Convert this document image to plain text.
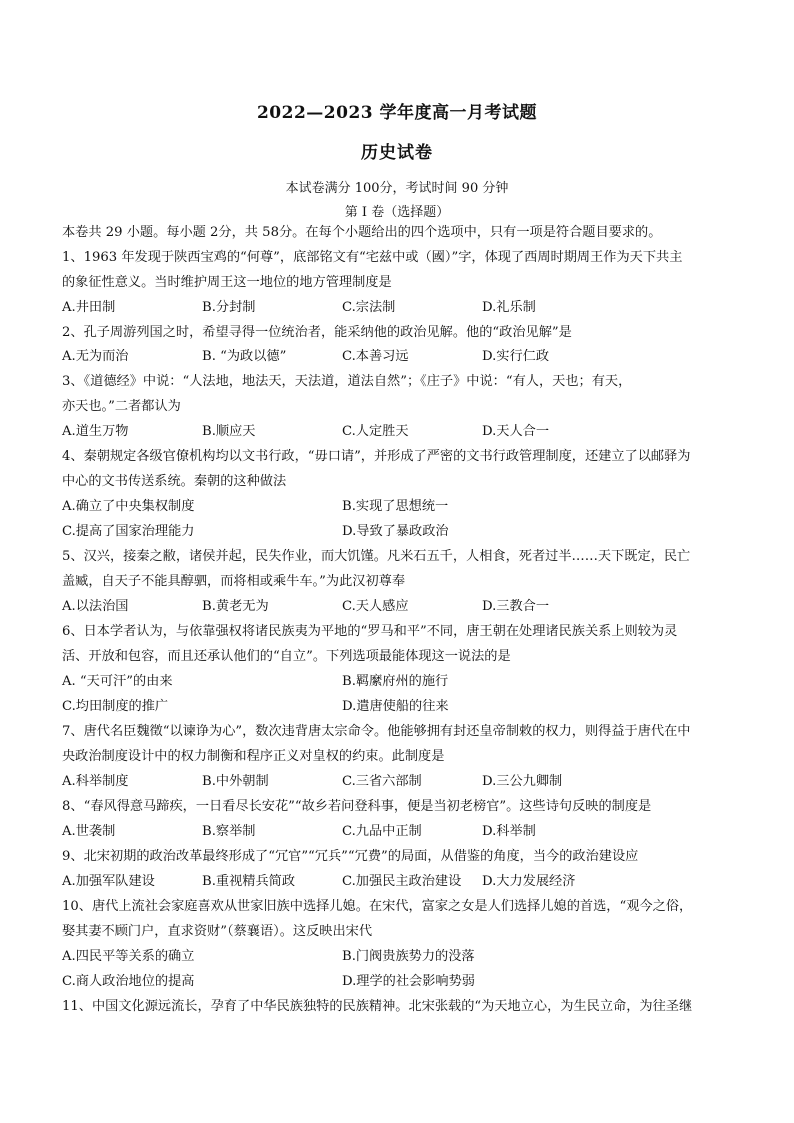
2022—2023 学年度高一月考试题
历史试卷
本试卷满分 100分，考试时间 90 分钟
第 I 卷（选择题）
本卷共 29 小题。每小题 2分，共 58分。在每个小题给出的四个选项中，只有一项是符合题目要求的。
1、1963 年发现于陕西宝鸡的“何尊”，底部铭文有“宅兹中或（國）”字，体现了西周时期周王作为天下共主
的象征性意义。当时维护周王这一地位的地方管理制度是
A.井田制	B.分封制	C.宗法制	D.礼乐制
2、孔子周游列国之时，希望寻得一位统治者，能采纳他的政治见解。他的“政治见解”是
A.无为而治	B. “为政以德”	C.本善习远	D.实行仁政
3、《道德经》中说：“人法地，地法天，天法道，道法自然”；《庄子》中说：“有人，天也；有天，
亦天也。”二者都认为
A.道生万物	B.顺应天	C.人定胜天	D.天人合一
4、秦朝规定各级官僚机构均以文书行政，“毋口请”，并形成了严密的文书行政管理制度，还建立了以邮驿为
中心的文书传送系统。秦朝的这种做法
A.确立了中央集权制度	B.实现了思想统一
C.提高了国家治理能力	D.导致了暴政政治
5、汉兴，接秦之敝，诸侯并起，民失作业，而大饥馑。凡米石五千，人相食，死者过半……天下既定，民亡
盖臧，自天子不能具醇驷，而将相或乘牛车。”为此汉初尊奉
A.以法治国	B.黄老无为	C.天人感应	D.三教合一
6、日本学者认为，与依靠强权将诸民族夷为平地的“罗马和平”不同，唐王朝在处理诸民族关系上则较为灵
活、开放和包容，而且还承认他们的“自立”。下列选项最能体现这一说法的是
A. “天可汗”的由来	B.羁縻府州的施行
C.均田制度的推广	D.遣唐使船的往来
7、唐代名臣魏徵“以谏诤为心”，数次违背唐太宗命令。他能够拥有封还皇帝制敕的权力，则得益于唐代在中
央政治制度设计中的权力制衡和程序正义对皇权的约束。此制度是
A.科举制度	B.中外朝制	C.三省六部制	D.三公九卿制
8、“春风得意马蹄疾，一日看尽长安花”“故乡若问登科事，便是当初老榜官”。这些诗句反映的制度是
A.世袭制	B.察举制	C.九品中正制	D.科举制
9、北宋初期的政治改革最终形成了“冗官”“冗兵”“冗费”的局面，从借鉴的角度，当今的政治建设应
A.加强军队建设	B.重视精兵简政	C.加强民主政治建设 D.大力发展经济
10、唐代上流社会家庭喜欢从世家旧族中选择儿媳。在宋代，富家之女是人们选择儿媳的首选，“观今之俗，
娶其妻不顾门户，直求资财”（蔡襄语）。这反映出宋代
A.四民平等关系的确立	B.门阀贵族势力的没落
C.商人政治地位的提高	D.理学的社会影响势弱
11、中国文化源远流长，孕育了中华民族独特的民族精神。北宋张载的“为天地立心，为生民立命，为往圣继
